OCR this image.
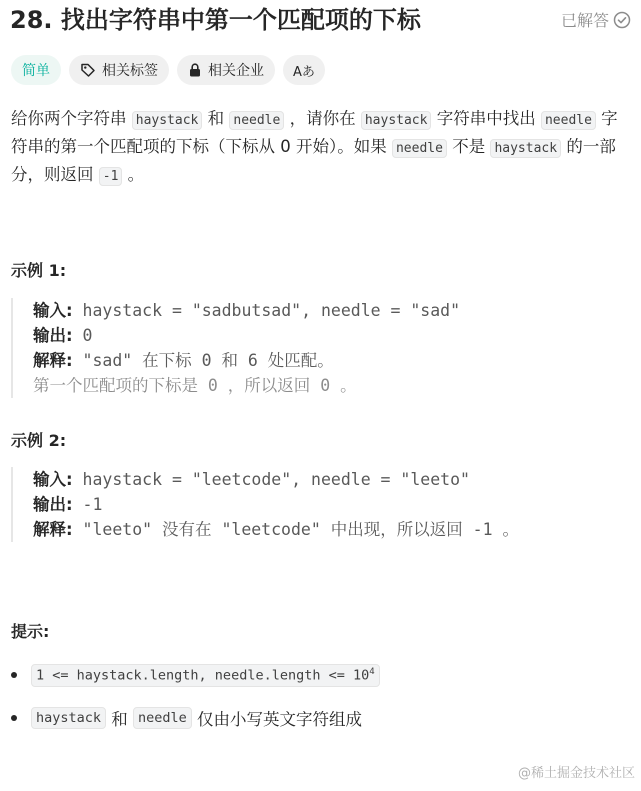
28. 找出字符串中第一个匹配项的下标	已解答
简单	相关标签	相关企业 Aあ
给你两个字符串 haystack 和 needle ，请你在 haystack 字符串中找出 needle 字符串的第一个匹配项的下标（下标从 0 开始）。如果 needle 不是 haystack 的一部分，则返回 -1 。
示例 1:
输入: haystack = "sadbutsad", needle = "sad"
输出: 0
解释: "sad" 在下标 0 和 6 处匹配。
第一个匹配项的下标是 0 ，所以返回 0 。
示例 2:
输入: haystack = "leetcode", needle = "leeto"
输出: -1
解释: "leeto" 没有在 "leetcode" 中出现，所以返回 -1 。
提示:
1 <= haystack.length, needle.length <= $10^4$
haystack 和 needle 仅由小写英文字符组成
@稀土掘金技术社区
